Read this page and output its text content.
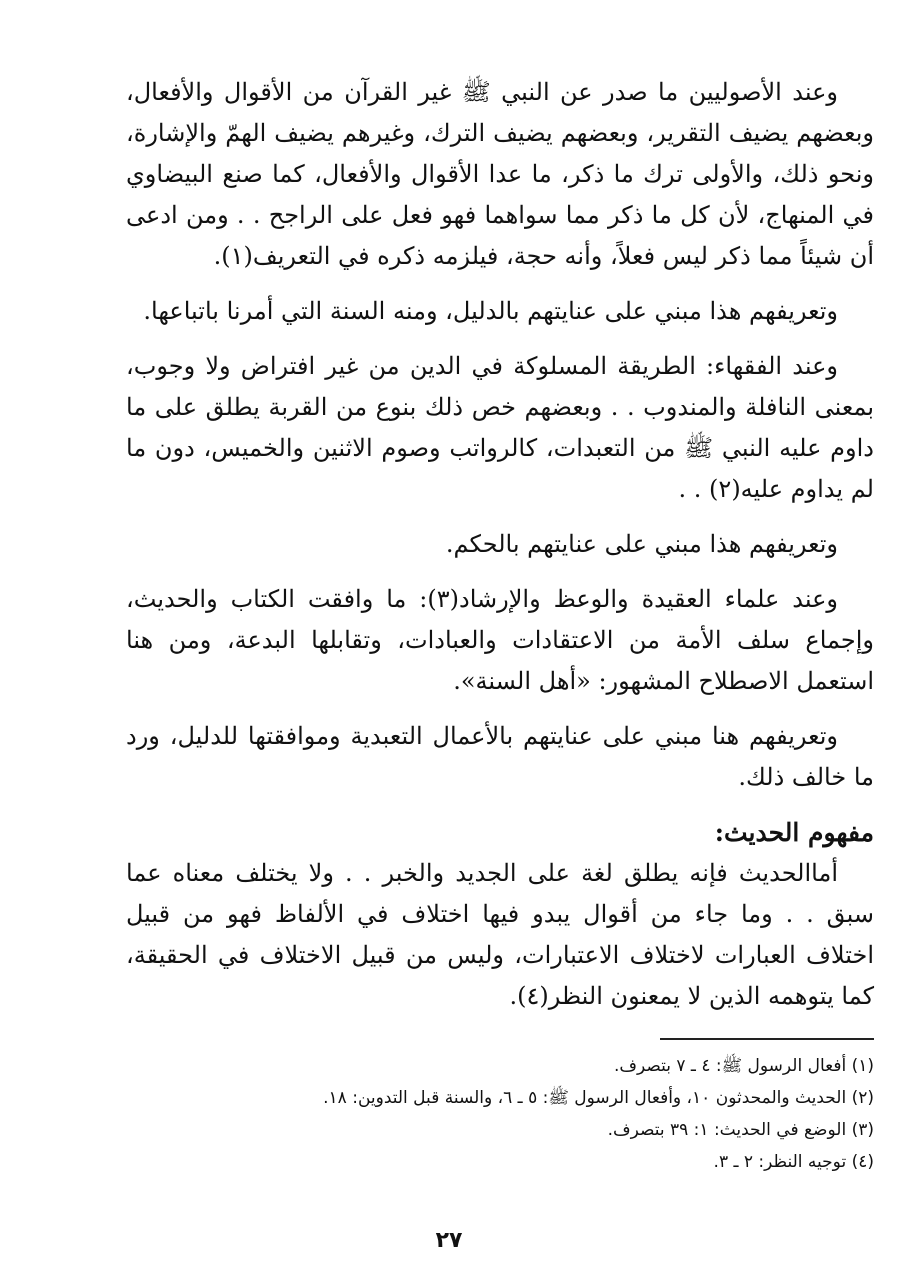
وعند الأصوليين ما صدر عن النبي ﷺ غير القرآن من الأقوال والأفعال، وبعضهم يضيف التقرير، وبعضهم يضيف الترك، وغيرهم يضيف الهمّ والإشارة، ونحو ذلك، والأولى ترك ما ذكر، ما عدا الأقوال والأفعال، كما صنع البيضاوي في المنهاج، لأن كل ما ذكر مما سواهما فهو فعل على الراجح . . ومن ادعى أن شيئاً مما ذكر ليس فعلاً، وأنه حجة، فيلزمه ذكره في التعريف(١).

وتعريفهم هذا مبني على عنايتهم بالدليل، ومنه السنة التي أمرنا باتباعها.

وعند الفقهاء: الطريقة المسلوكة في الدين من غير افتراض ولا وجوب، بمعنى النافلة والمندوب . . وبعضهم خص ذلك بنوع من القربة يطلق على ما داوم عليه النبي ﷺ من التعبدات، كالرواتب وصوم الاثنين والخميس، دون ما لم يداوم عليه(٢) . .

وتعريفهم هذا مبني على عنايتهم بالحكم.

وعند علماء العقيدة والوعظ والإرشاد(٣): ما وافقت الكتاب والحديث، وإجماع سلف الأمة من الاعتقادات والعبادات، وتقابلها البدعة، ومن هنا استعمل الاصطلاح المشهور: «أهل السنة».

وتعريفهم هنا مبني على عنايتهم بالأعمال التعبدية وموافقتها للدليل، ورد ما خالف ذلك.

مفهوم الحديث:

أماالحديث فإنه يطلق لغة على الجديد والخبر . . ولا يختلف معناه عما سبق . . وما جاء من أقوال يبدو فيها اختلاف في الألفاظ فهو من قبيل اختلاف العبارات لاختلاف الاعتبارات، وليس من قبيل الاختلاف في الحقيقة، كما يتوهمه الذين لا يمعنون النظر(٤).

(١) أفعال الرسول ﷺ: ٤ ـ ٧ بتصرف.

(٢) الحديث والمحدثون ١٠، وأفعال الرسول ﷺ: ٥ ـ ٦، والسنة قبل التدوين: ١٨.

(٣) الوضع في الحديث: ١: ٣٩ بتصرف.

(٤) توجيه النظر: ٢ ـ ٣.

٢٧
